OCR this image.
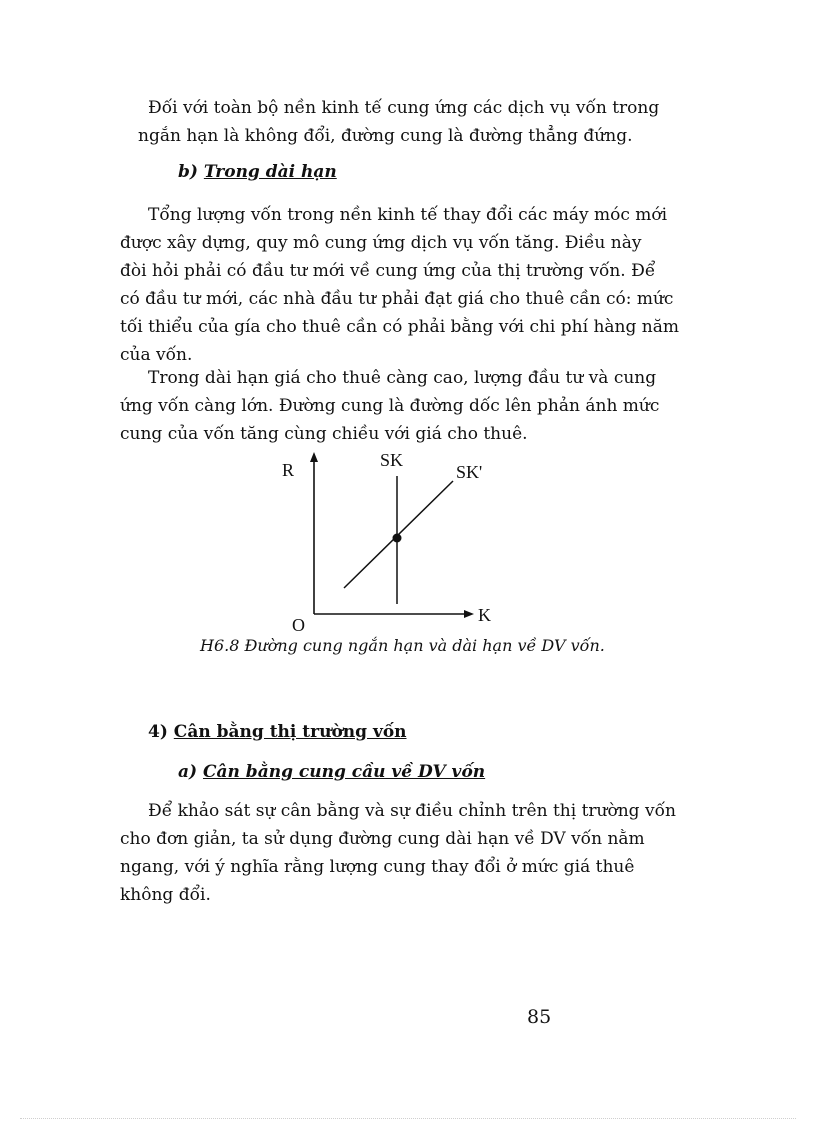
Đối với toàn bộ nền kinh tế cung ứng các dịch vụ vốn trong
ngắn hạn là không đổi, đường cung là đường thẳng đứng.
b) Trong dài hạn
Tổng lượng vốn trong nền kinh tế thay đổi các máy móc mới
được xây dựng, quy mô cung ứng dịch vụ vốn tăng. Điều này
đòi hỏi phải có đầu tư mới về cung ứng của thị trường vốn. Để
có đầu tư mới, các nhà đầu tư phải đạt giá cho thuê cần có: mức
tối thiểu của gía cho thuê cần có phải bằng với chi phí hàng năm
của vốn.
Trong dài hạn giá cho thuê càng cao, lượng đầu tư và cung
ứng vốn càng lớn. Đường cung là đường dốc lên phản ánh mức
cung của vốn tăng cùng chiều với giá cho thuê.
R
K
O
SK
SK'
H6.8 Đường cung ngắn hạn và dài hạn về DV vốn.
4) Cân bằng thị trường vốn
a) Cân bằng cung cầu về DV vốn
Để khảo sát sự cân bằng và sự điều chỉnh trên thị trường vốn
cho đơn giản, ta sử dụng đường cung dài hạn về DV vốn nằm
ngang, với ý nghĩa rằng lượng cung thay đổi ở mức giá thuê
không đổi.
85
